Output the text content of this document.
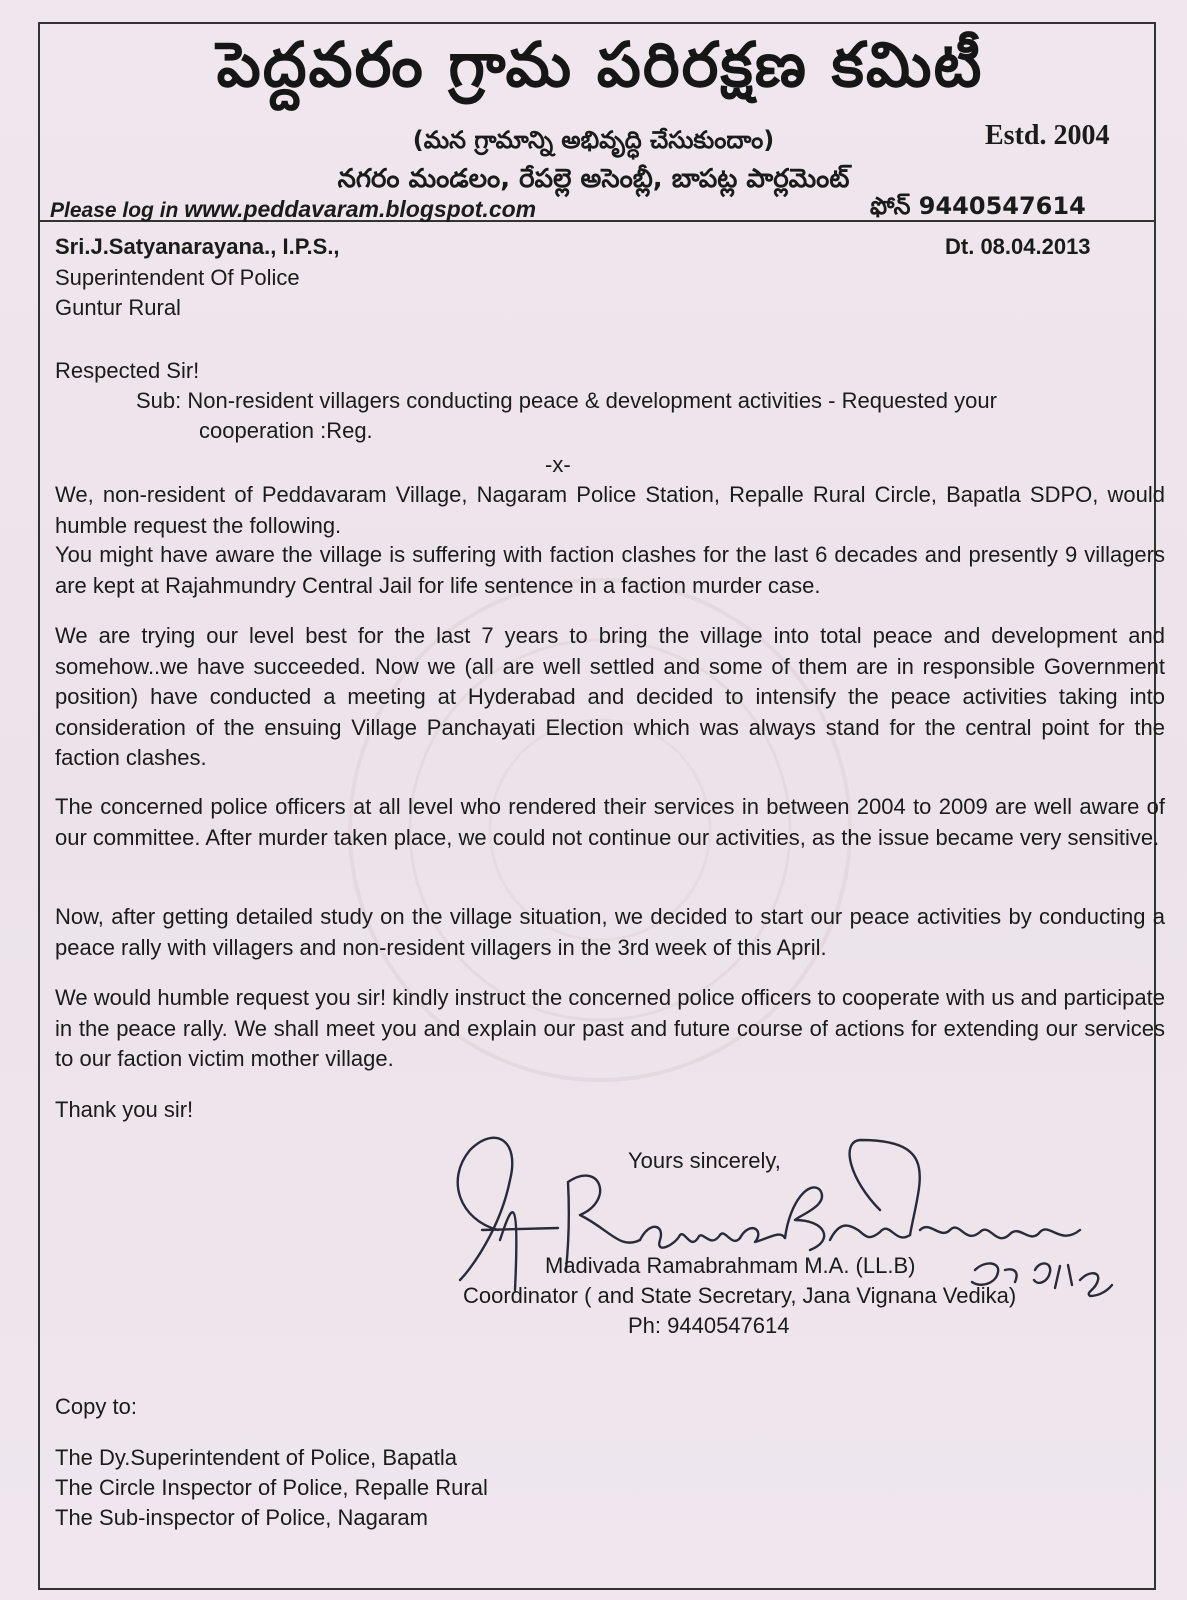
పెద్దవరం గ్రామ పరిరక్షణ కమిటీ
(మన గ్రామాన్ని అభివృద్ధి చేసుకుందాం)	Estd. 2004
నగరం మండలం, రేపల్లె అసెంబ్లీ, బాపట్ల పార్లమెంట్
Please log in www.peddavaram.blogspot.com	ఫోన్ 9440547614
Sri.J.Satyanarayana., I.P.S.,
Superintendent Of Police
Guntur Rural
Dt. 08.04.2013
Respected Sir!
Sub: Non-resident villagers conducting peace & development activities - Requested your
cooperation :Reg.
-x-
We, non-resident of Peddavaram Village, Nagaram Police Station, Repalle Rural Circle, Bapatla SDPO, would humble request the following.
You might have aware the village is suffering with faction clashes for the last 6 decades and presently 9 villagers are kept at Rajahmundry Central Jail for life sentence in a faction murder case.
We are trying our level best for the last 7 years to bring the village into total peace and development and somehow..we have succeeded. Now we (all are well settled and some of them are in responsible Government position) have conducted a meeting at Hyderabad and decided to intensify the peace activities taking into consideration of the ensuing Village Panchayati Election which was always stand for the central point for the faction clashes.
The concerned police officers at all level who rendered their services in between 2004 to 2009 are well aware of our committee. After murder taken place, we could not continue our activities, as the issue became very sensitive.
Now, after getting detailed study on the village situation, we decided to start our peace activities by conducting a peace rally with villagers and non-resident villagers in the 3rd week of this April.
We would humble request you sir! kindly instruct the concerned police officers to cooperate with us and participate in the peace rally. We shall meet you and explain our past and future course of actions for extending our services to our faction victim mother village.
Thank you sir!
Yours sincerely,
Madivada Ramabrahmam M.A. (LL.B)
Coordinator ( and State Secretary, Jana Vignana Vedika)
Ph: 9440547614
Copy to:
The Dy.Superintendent of Police, Bapatla
The Circle Inspector of Police, Repalle Rural
The Sub-inspector of Police, Nagaram
